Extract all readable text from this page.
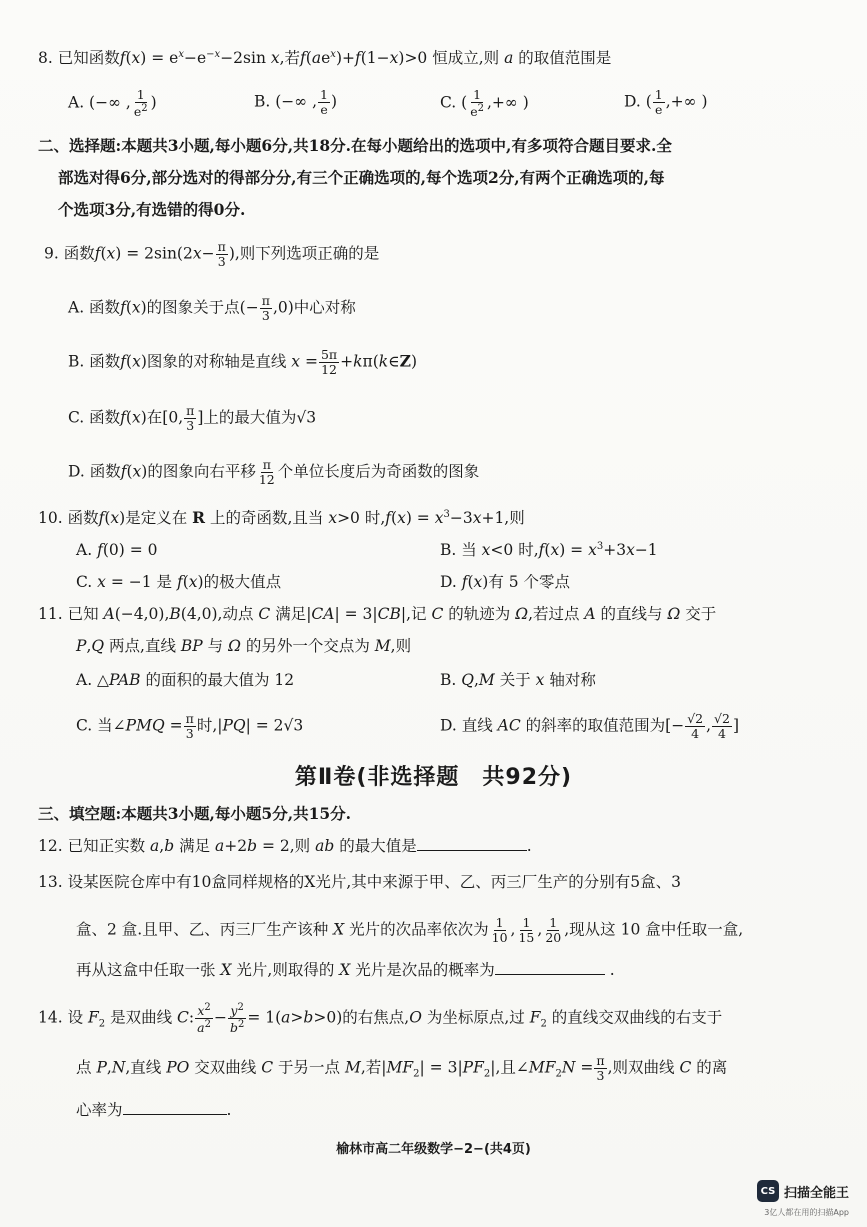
8. 已知函数$f(x) = e^x-e^{-x}-2\sin$ x,若$f(ae^x)+f(1-x)>0$ 恒成立,则 a 的取值范围是
A. (−∞ , $\frac{1}{e^2}$ )	B. (−∞ , $\frac{1}{e}$ )	C. ( $\frac{1}{e^2}$ ,+∞ )	D. ( $\frac{1}{e}$ ,+∞ )
二、选择题:本题共3小题,每小题6分,共18分.在每小题给出的选项中,有多项符合题目要求.全
部选对得6分,部分选对的得部分分,有三个正确选项的,每个选项2分,有两个正确选项的,每
个选项3分,有选错的得0分.
9. 函数$f(x) = 2\sin(2x- \frac{\pi}{3}$ ),则下列选项正确的是
A. 函数f(x)的图象关于点(− $\frac{\pi}{3} ,0$)中心对称
B. 函数f(x)图象的对称轴是直线 $x = \frac{5\pi}{12}$ +kπ(k∈Z)
C. 函数f(x)在[0, $\frac{\pi}{3}$ ]上的最大值为√3
D. 函数f(x)的图象向右平移 $\frac{\pi}{12}$ 个单位长度后为奇函数的图象
10. 函数f(x)是定义在 R 上的奇函数,且当 x>0 时$,f(x) = x^3-3x+1$,则
A. f(0) = 0	B. 当 x<0 时$,f(x) = x^3+3x-1$
C. x = −1 是 f(x)的极大值点	D. f(x)有 5 个零点
11. 已知 A(−4,0),B(4,0),动点 C 满足|CA| = 3|CB|,记 C 的轨迹为 Ω,若过点 A 的直线与 Ω 交于
P,Q 两点,直线 BP 与 Ω 的另外一个交点为 M,则
A. △PAB 的面积的最大值为 12	B. Q,M 关于 x 轴对称
C. 当∠PMQ = $\frac{\pi}{3}$ 时,|PQ| = 2√3	D. 直线 AC 的斜率的取值范围为[− $\frac{√2}{4}$ , $\frac{√2}{4}$ ]
第Ⅱ卷(非选择题　共92分)
三、填空题:本题共3小题,每小题5分,共15分.
12. 已知正实数 a,b 满足 a+2b = 2,则 ab 的最大值是	.
13. 设某医院仓库中有10盒同样规格的X光片,其中来源于甲、乙、丙三厂生产的分别有5盒、3
盒、2 盒.且甲、乙、丙三厂生产该种 X 光片的次品率依次为 $\frac{1}{10}$ , $\frac{1}{15}$ , $\frac{1}{20}$ ,现从这 10 盒中任取一盒,
再从这盒中任取一张 X 光片,则取得的 X 光片是次品的概率为	.
14. 设 $F_2$ 是双曲线 C: $\frac{x^2}{a^2} - \frac{y^2}{b^2} = 1(a>b>0)$的右焦点,O 为坐标原点,过 $F_2$ 的直线交双曲线的右支于
点 P,N,直线 PO 交双曲线 C 于另一点 M,若$|MF_2| = 3|PF_2|$,且$\angle MF_2N = \frac{\pi}{3}$ ,则双曲线 C 的离
心率为	.
榆林市高二年级数学−2−(共4页)
CS 扫描全能王
3亿人都在用的扫描App
